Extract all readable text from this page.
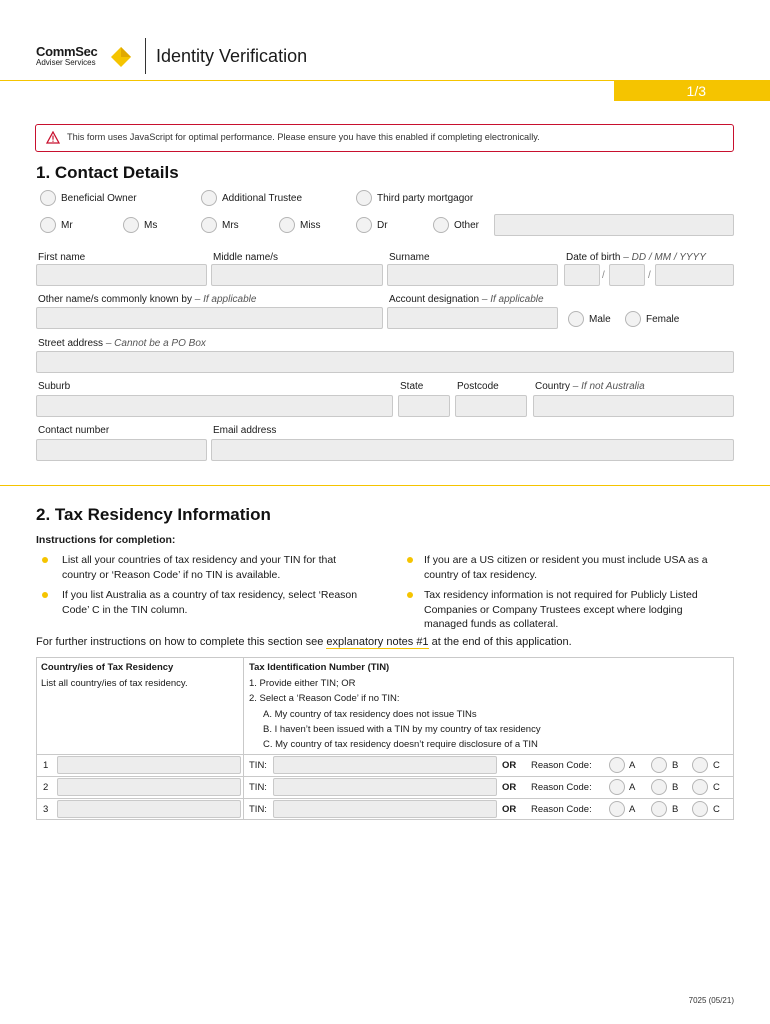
CommSec
Adviser Services	Identity Verification
1/3
This form uses JavaScript for optimal performance. Please ensure you have this enabled if completing electronically.
1. Contact Details
Beneficial Owner	Additional Trustee	Third party mortgagor
Mr	Ms	Mrs	Miss	Dr	Other
First name	Middle name/s	Surname	Date of birth – DD / MM / YYYY
/	/
Other name/s commonly known by – If applicable	Account designation – If applicable
Male	Female
Street address – Cannot be a PO Box
Suburb	State	Postcode	Country – If not Australia
Contact number	Email address
2. Tax Residency Information
Instructions for completion:
List all your countries of tax residency and your TIN for that country or ‘Reason Code’ if no TIN is available.
If you list Australia as a country of tax residency, select ‘Reason Code’ C in the TIN column.
If you are a US citizen or resident you must include USA as a country of tax residency.
Tax residency information is not required for Publicly Listed Companies or Company Trustees except where lodging managed funds as collateral.
For further instructions on how to complete this section see explanatory notes #1 at the end of this application.
Country/ies of Tax Residency
List all country/ies of tax residency.
Tax Identification Number (TIN)
1. Provide either TIN; OR
2. Select a ‘Reason Code’ if no TIN:
A. My country of tax residency does not issue TINs
B. I haven’t been issued with a TIN by my country of tax residency
C. My country of tax residency doesn’t require disclosure of a TIN
1	TIN:	OR Reason Code:	A	B	C
2	TIN:	OR Reason Code:	A	B	C
3	TIN:	OR Reason Code:	A	B	C
7025 (05/21)
